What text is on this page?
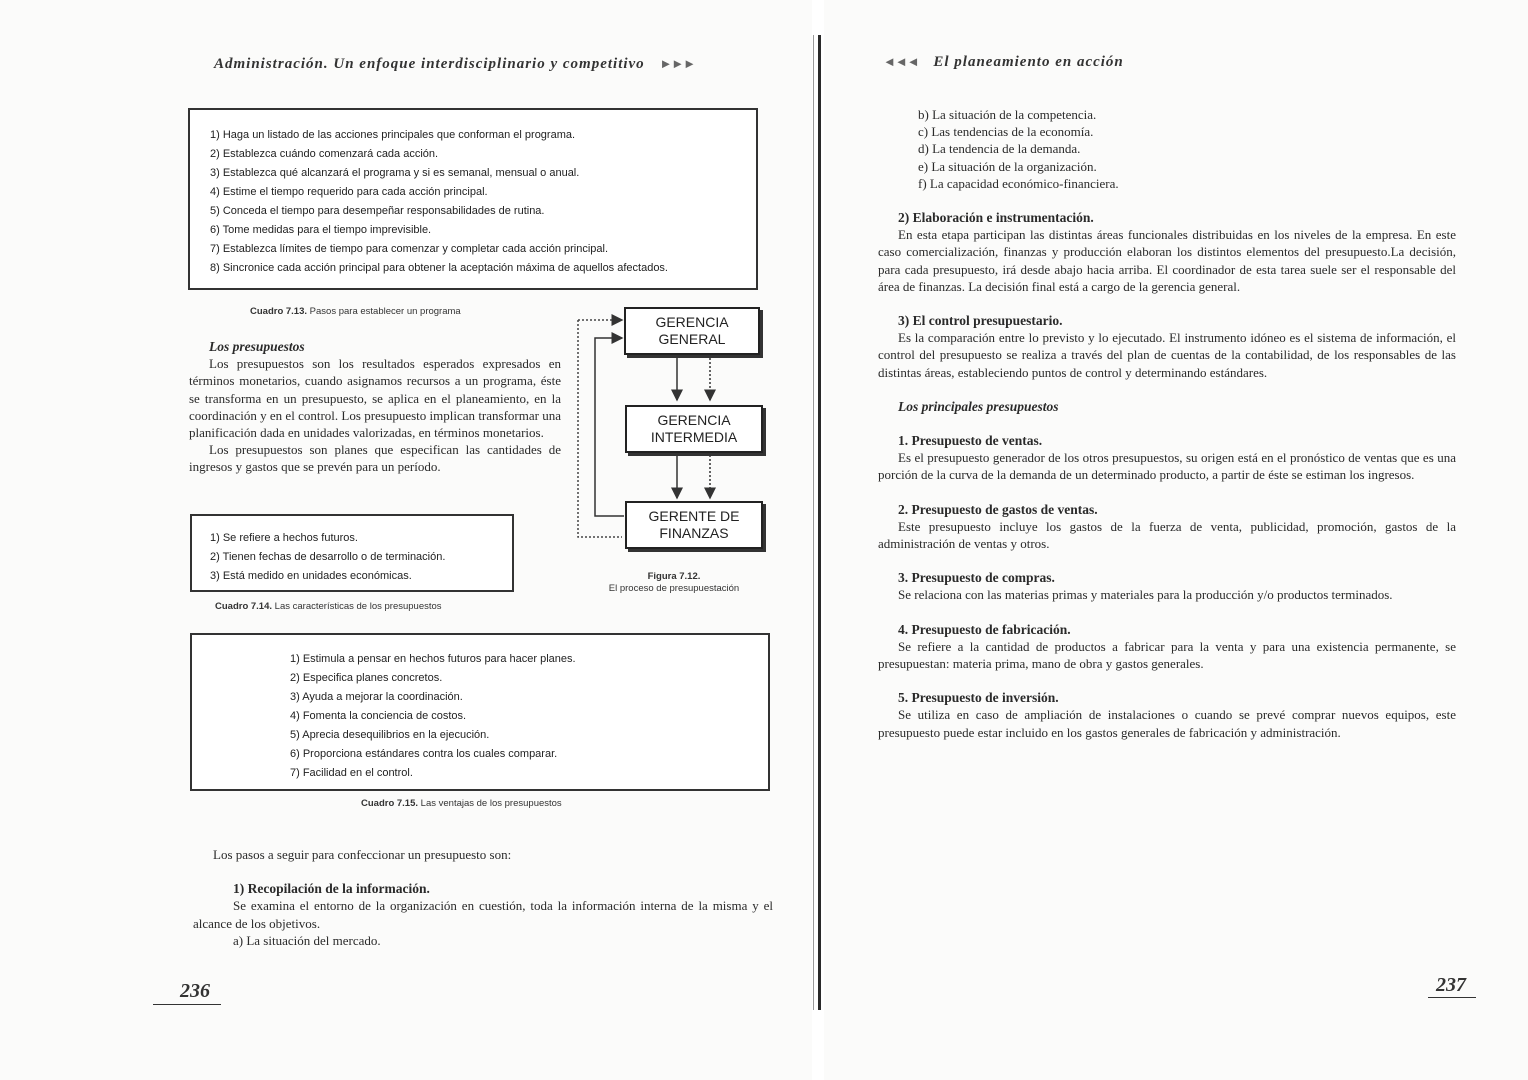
Administración. Un enfoque interdisciplinario y competitivo ►►►
1) Haga un listado de las acciones principales que conforman el programa.
2) Establezca cuándo comenzará cada acción.
3) Establezca qué alcanzará el programa y si es semanal, mensual o anual.
4) Estime el tiempo requerido para cada acción principal.
5) Conceda el tiempo para desempeñar responsabilidades de rutina.
6) Tome medidas para el tiempo imprevisible.
7) Establezca límites de tiempo para comenzar y completar cada acción principal.
8) Sincronice cada acción principal para obtener la aceptación máxima de aquellos afectados.
Cuadro 7.13. Pasos para establecer un programa
Los presupuestos

Los presupuestos son los resultados esperados expresados en términos monetarios, cuando asignamos recursos a un programa, éste se transforma en un presupuesto, se aplica en el planeamiento, en la coordinación y en el control. Los presupuesto implican transformar una planificación dada en unidades valorizadas, en términos monetarios.

Los presupuestos son planes que especifican las cantidades de ingresos y gastos que se prevén para un período.

GERENCIA GENERAL
GERENCIA INTERMEDIA
GERENTE DE FINANZAS
Figura 7.12.
El proceso de presupuestación
1) Se refiere a hechos futuros.
2) Tienen fechas de desarrollo o de terminación.
3) Está medido en unidades económicas.
Cuadro 7.14. Las características de los presupuestos
1) Estimula a pensar en hechos futuros para hacer planes.
2) Especifica planes concretos.
3) Ayuda a mejorar la coordinación.
4) Fomenta la conciencia de costos.
5) Aprecia desequilibrios en la ejecución.
6) Proporciona estándares contra los cuales comparar.
7) Facilidad en el control.
Cuadro 7.15. Las ventajas de los presupuestos

Los pasos a seguir para confeccionar un presupuesto son:

1) Recopilación de la información.

Se examina el entorno de la organización en cuestión, toda la información interna de la misma y el alcance de los objetivos.

a) La situación del mercado.
236
◄◄◄ El planeamiento en acción
b) La situación de la competencia.
c) Las tendencias de la economía.
d) La tendencia de la demanda.
e) La situación de la organización.
f) La capacidad económico-financiera.
2) Elaboración e instrumentación.

En esta etapa participan las distintas áreas funcionales distribuidas en los niveles de la empresa. En este caso comercialización, finanzas y producción elaboran los distintos elementos del presupuesto.La decisión, para cada presupuesto, irá desde abajo hacia arriba. El coordinador de esta tarea suele ser el responsable del área de finanzas. La decisión final está a cargo de la gerencia general.

3) El control presupuestario.

Es la comparación entre lo previsto y lo ejecutado. El instrumento idóneo es el sistema de información, el control del presupuesto se realiza a través del plan de cuentas de la contabilidad, de los responsables de las distintas áreas, estableciendo puntos de control y determinando estándares.

Los principales presupuestos
1. Presupuesto de ventas.

Es el presupuesto generador de los otros presupuestos, su origen está en el pronóstico de ventas que es una porción de la curva de la demanda de un determinado producto, a partir de éste se estiman los ingresos.

2. Presupuesto de gastos de ventas.

Este presupuesto incluye los gastos de la fuerza de venta, publicidad, promoción, gastos de la administración de ventas y otros.

3. Presupuesto de compras.

Se relaciona con las materias primas y materiales para la producción y/o productos terminados.

4. Presupuesto de fabricación.

Se refiere a la cantidad de productos a fabricar para la venta y para una existencia permanente, se presupuestan: materia prima, mano de obra y gastos generales.

5. Presupuesto de inversión.

Se utiliza en caso de ampliación de instalaciones o cuando se prevé comprar nuevos equipos, este presupuesto puede estar incluido en los gastos generales de fabricación y administración.

237
